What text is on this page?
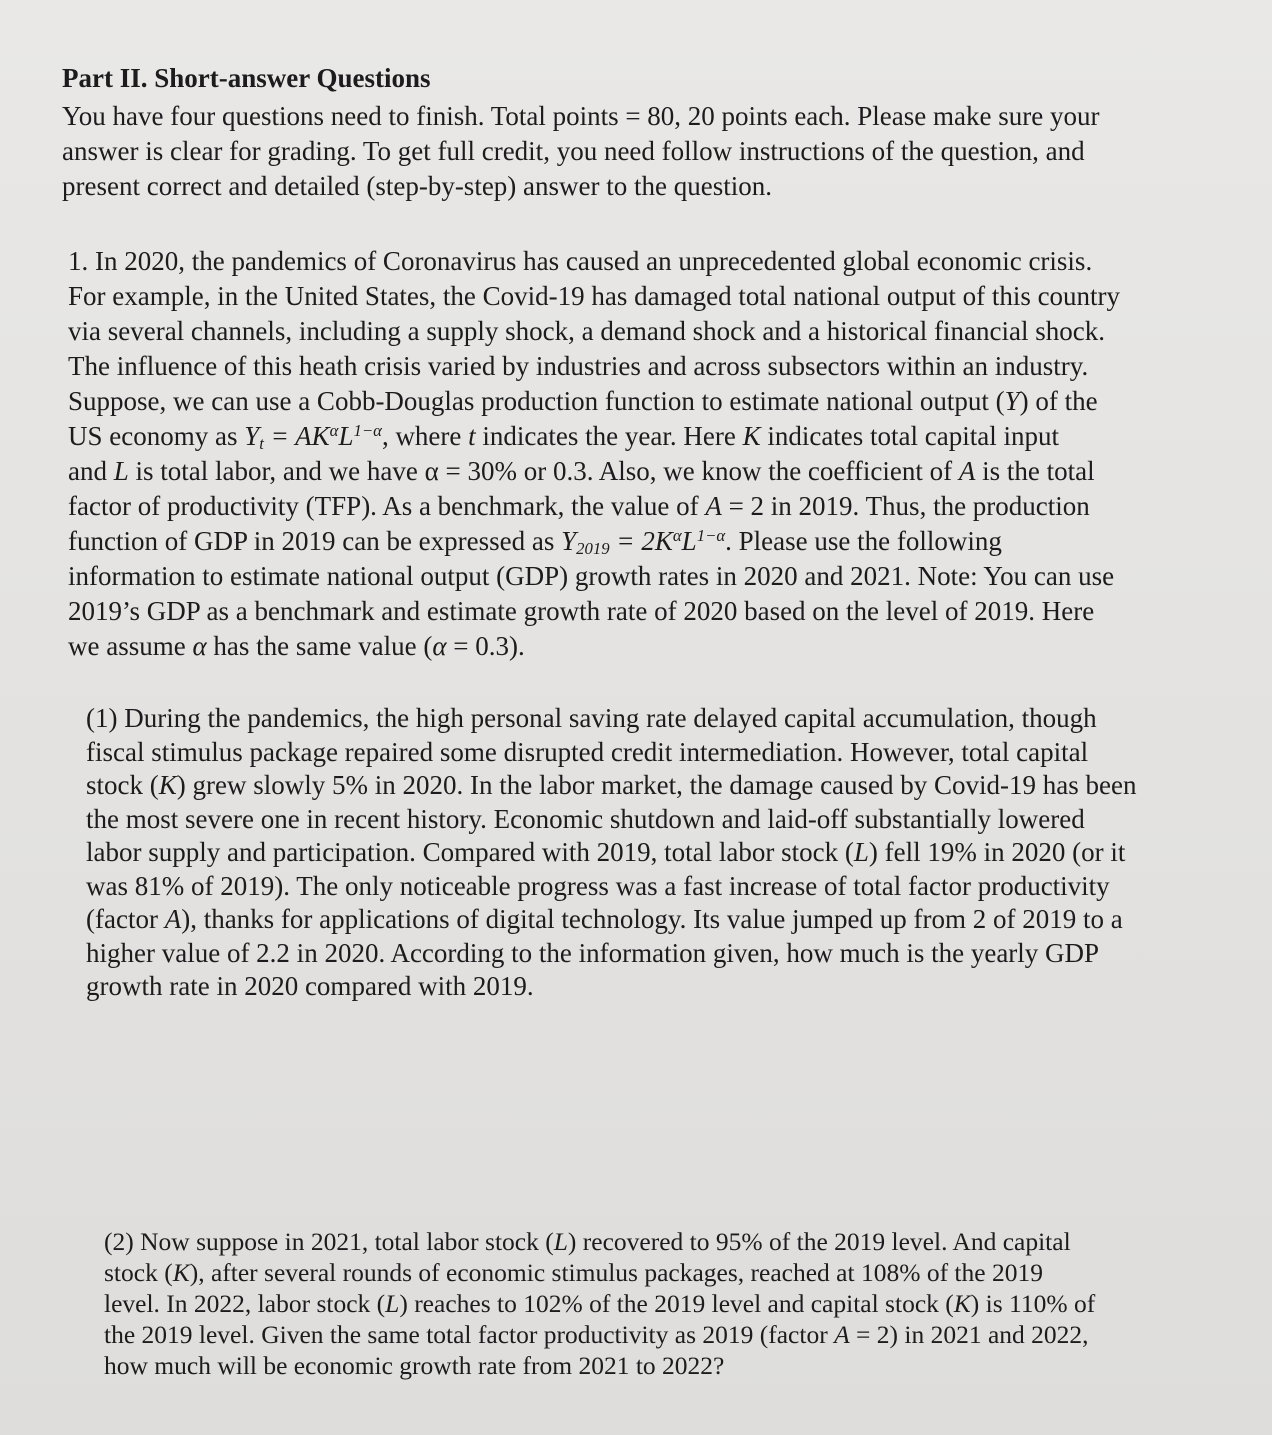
Part II. Short-answer Questions
You have four questions need to finish. Total points = 80, 20 points each. Please make sure your
answer is clear for grading. To get full credit, you need follow instructions of the question, and
present correct and detailed (step-by-step) answer to the question.
1. In 2020, the pandemics of Coronavirus has caused an unprecedented global economic crisis.
For example, in the United States, the Covid-19 has damaged total national output of this country
via several channels, including a supply shock, a demand shock and a historical financial shock.
The influence of this heath crisis varied by industries and across subsectors within an industry.
Suppose, we can use a Cobb-Douglas production function to estimate national output (Y) of the
US economy as $Y_t = AK^\alpha L^{1-\alpha}$, where t indicates the year. Here K indicates total capital input
and L is total labor, and we have α = 30% or 0.3. Also, we know the coefficient of A is the total
factor of productivity (TFP). As a benchmark, the value of A = 2 in 2019. Thus, the production
function of GDP in 2019 can be expressed as $Y_{2019} = 2K^\alpha L^{1-\alpha}$. Please use the following
information to estimate national output (GDP) growth rates in 2020 and 2021. Note: You can use
2019’s GDP as a benchmark and estimate growth rate of 2020 based on the level of 2019. Here
we assume α has the same value (α = 0.3).
(1) During the pandemics, the high personal saving rate delayed capital accumulation, though
fiscal stimulus package repaired some disrupted credit intermediation. However, total capital
stock (K) grew slowly 5% in 2020. In the labor market, the damage caused by Covid-19 has been
the most severe one in recent history. Economic shutdown and laid-off substantially lowered
labor supply and participation. Compared with 2019, total labor stock (L) fell 19% in 2020 (or it
was 81% of 2019). The only noticeable progress was a fast increase of total factor productivity
(factor A), thanks for applications of digital technology. Its value jumped up from 2 of 2019 to a
higher value of 2.2 in 2020. According to the information given, how much is the yearly GDP
growth rate in 2020 compared with 2019.
(2) Now suppose in 2021, total labor stock (L) recovered to 95% of the 2019 level. And capital
stock (K), after several rounds of economic stimulus packages, reached at 108% of the 2019
level. In 2022, labor stock (L) reaches to 102% of the 2019 level and capital stock (K) is 110% of
the 2019 level. Given the same total factor productivity as 2019 (factor A = 2) in 2021 and 2022,
how much will be economic growth rate from 2021 to 2022?
